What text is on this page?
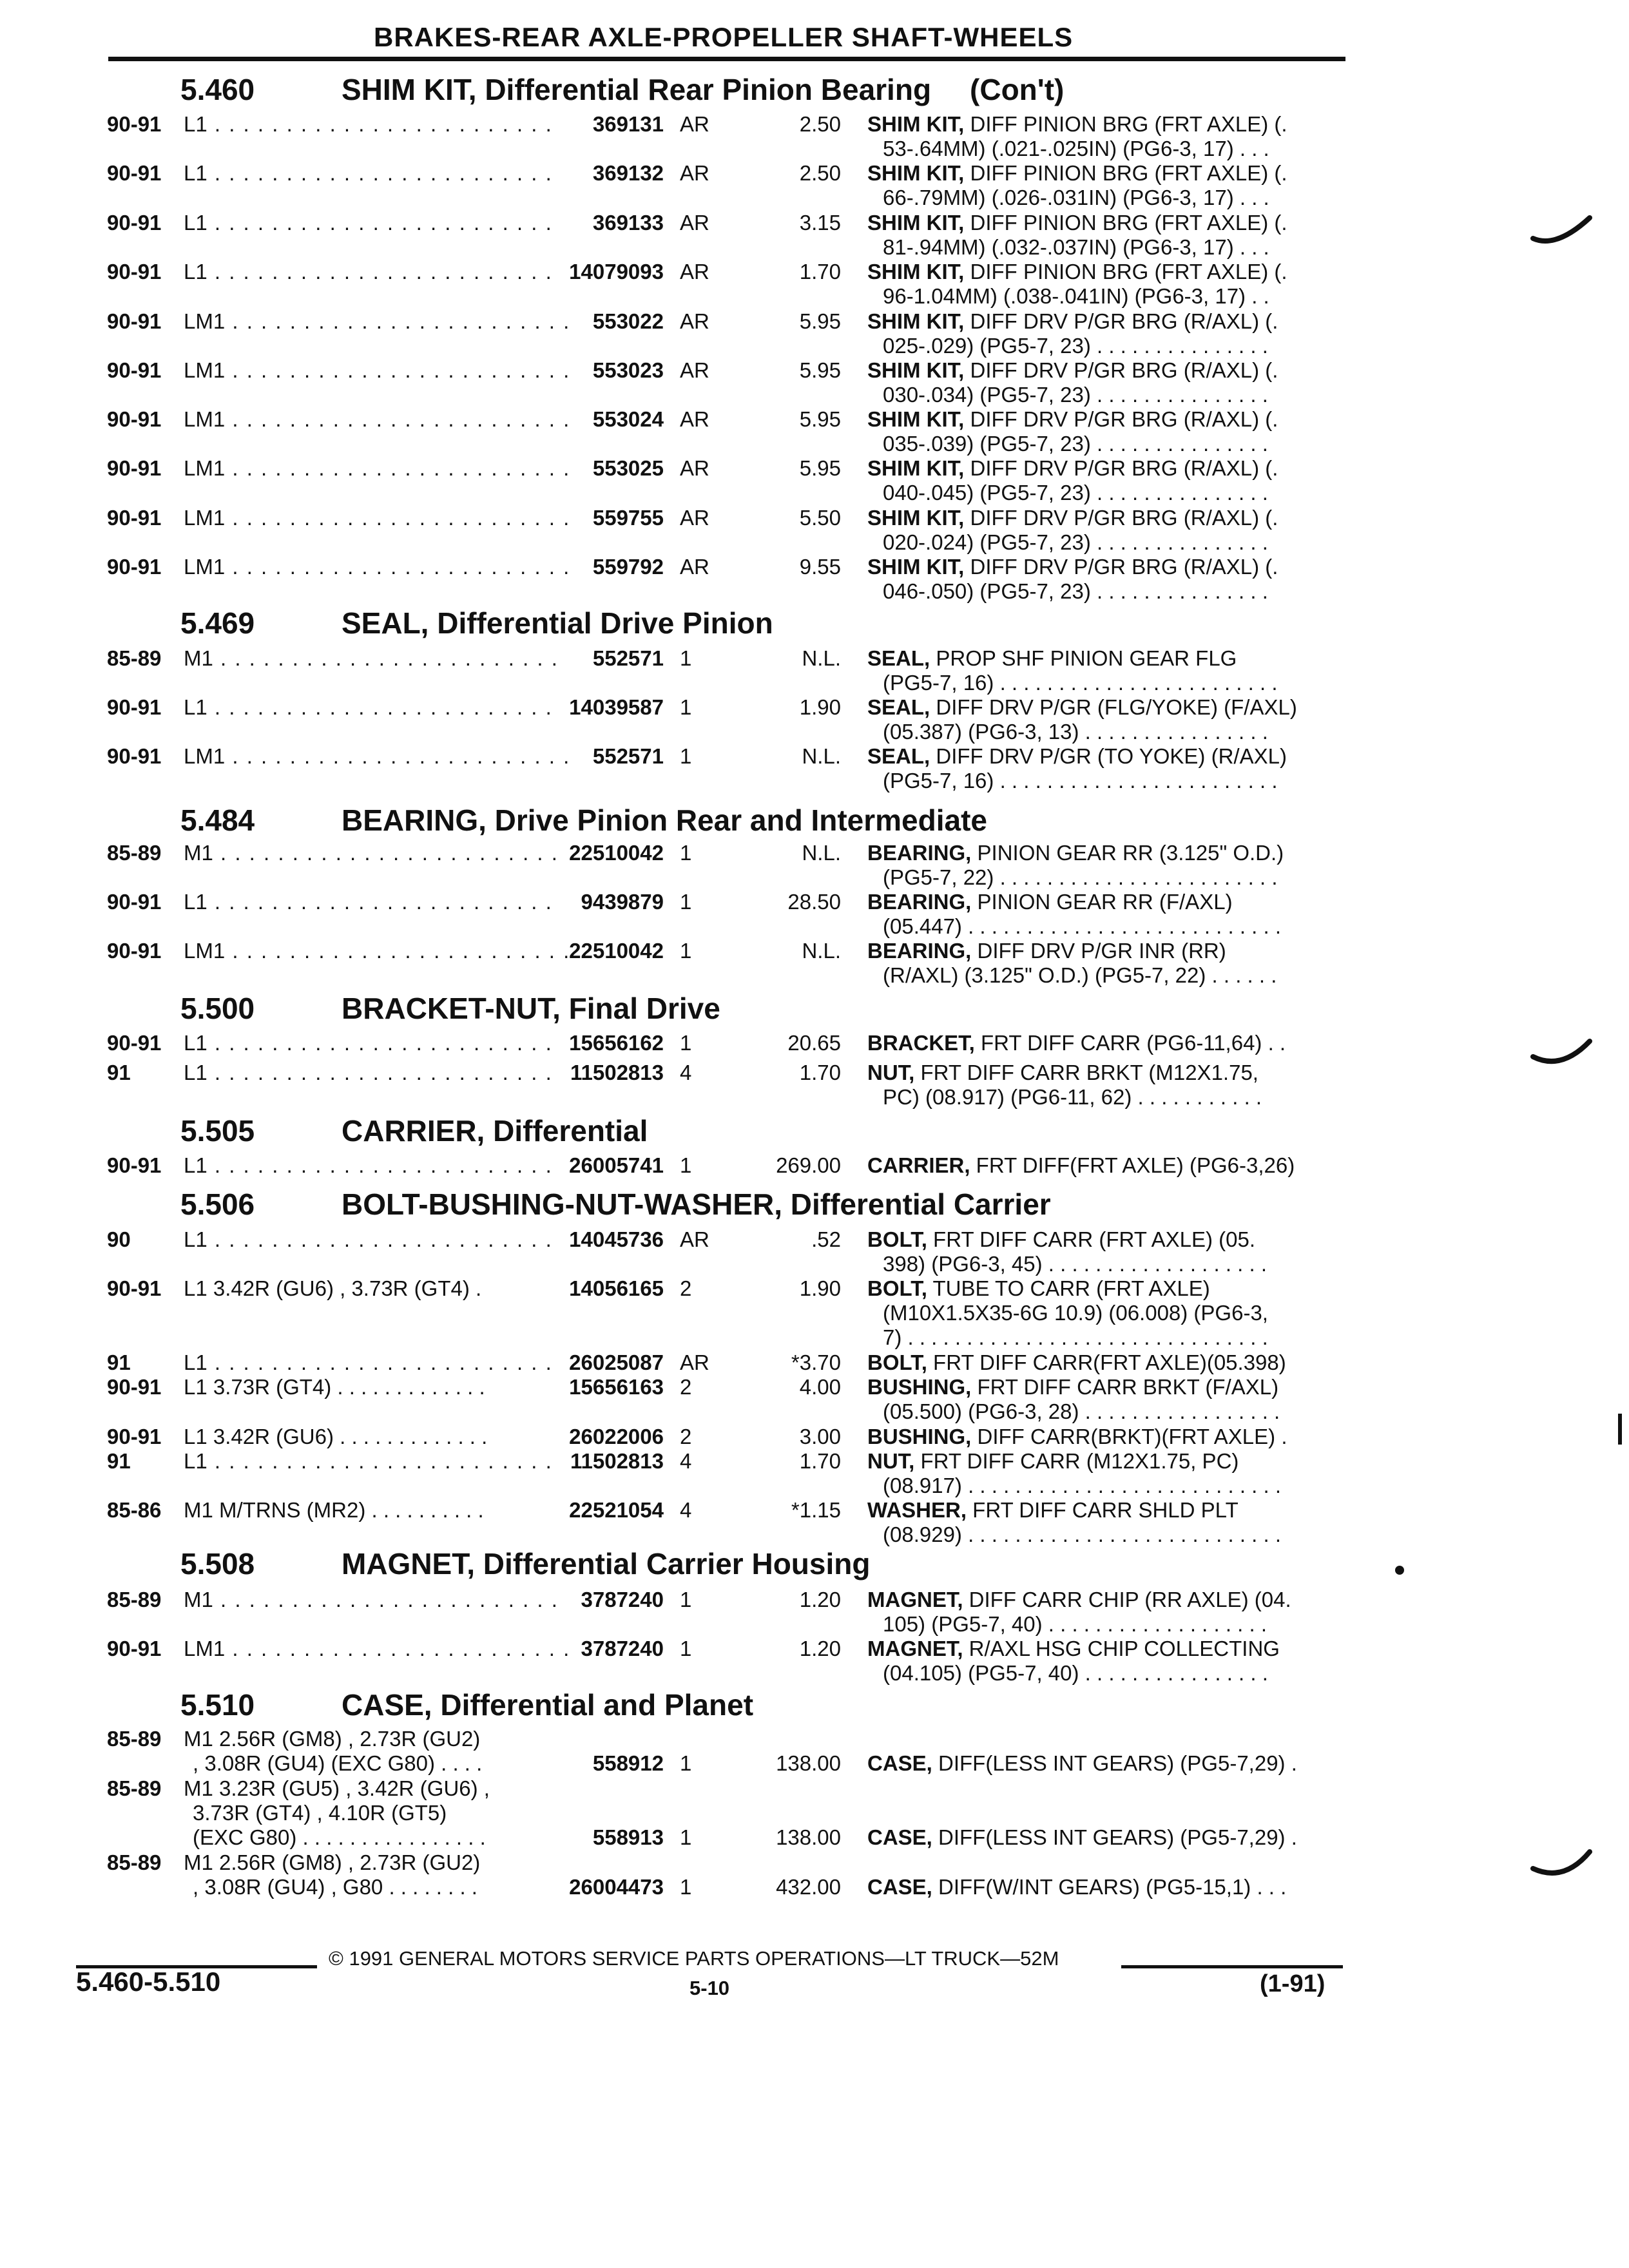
BRAKES-REAR AXLE-PROPELLER SHAFT-WHEELS
5.460	SHIM KIT, Differential Rear Pinion Bearing (Con't)
90-91 L1 . . . . . . . . . . . . . . . . . . . . . . . .	369131 AR	2.50 SHIM KIT, DIFF PINION BRG (FRT AXLE) (.
53-.64MM) (.021-.025IN) (PG6-3, 17) . . .
90-91 L1 . . . . . . . . . . . . . . . . . . . . . . . .	369132 AR	2.50 SHIM KIT, DIFF PINION BRG (FRT AXLE) (.
66-.79MM) (.026-.031IN) (PG6-3, 17) . . .
90-91 L1 . . . . . . . . . . . . . . . . . . . . . . . .	369133 AR	3.15 SHIM KIT, DIFF PINION BRG (FRT AXLE) (.
81-.94MM) (.032-.037IN) (PG6-3, 17) . . .
90-91 L1 . . . . . . . . . . . . . . . . . . . . . . . . 14079093 AR	1.70 SHIM KIT, DIFF PINION BRG (FRT AXLE) (.
96-1.04MM) (.038-.041IN) (PG6-3, 17) . .
90-91 LM1 . . . . . . . . . . . . . . . . . . . . . . . .	553022 AR	5.95 SHIM KIT, DIFF DRV P/GR BRG (R/AXL) (.
025-.029) (PG5-7, 23) . . . . . . . . . . . . . . .
90-91 LM1 . . . . . . . . . . . . . . . . . . . . . . . .	553023 AR	5.95 SHIM KIT, DIFF DRV P/GR BRG (R/AXL) (.
030-.034) (PG5-7, 23) . . . . . . . . . . . . . . .
90-91 LM1 . . . . . . . . . . . . . . . . . . . . . . . .	553024 AR	5.95 SHIM KIT, DIFF DRV P/GR BRG (R/AXL) (.
035-.039) (PG5-7, 23) . . . . . . . . . . . . . . .
90-91 LM1 . . . . . . . . . . . . . . . . . . . . . . . .	553025 AR	5.95 SHIM KIT, DIFF DRV P/GR BRG (R/AXL) (.
040-.045) (PG5-7, 23) . . . . . . . . . . . . . . .
90-91 LM1 . . . . . . . . . . . . . . . . . . . . . . . .	559755 AR	5.50 SHIM KIT, DIFF DRV P/GR BRG (R/AXL) (.
020-.024) (PG5-7, 23) . . . . . . . . . . . . . . .
90-91 LM1 . . . . . . . . . . . . . . . . . . . . . . . .	559792 AR	9.55 SHIM KIT, DIFF DRV P/GR BRG (R/AXL) (.
046-.050) (PG5-7, 23) . . . . . . . . . . . . . . .
5.469	SEAL, Differential Drive Pinion
85-89 M1 . . . . . . . . . . . . . . . . . . . . . . . .	552571 1	N.L. SEAL, PROP SHF PINION GEAR FLG
(PG5-7, 16) . . . . . . . . . . . . . . . . . . . . . . . .
90-91 L1 . . . . . . . . . . . . . . . . . . . . . . . . 14039587 1	1.90 SEAL, DIFF DRV P/GR (FLG/YOKE) (F/AXL)
(05.387) (PG6-3, 13) . . . . . . . . . . . . . . . .
90-91 LM1 . . . . . . . . . . . . . . . . . . . . . . . .	552571 1	N.L. SEAL, DIFF DRV P/GR (TO YOKE) (R/AXL)
(PG5-7, 16) . . . . . . . . . . . . . . . . . . . . . . . .
5.484	BEARING, Drive Pinion Rear and Intermediate
85-89 M1 . . . . . . . . . . . . . . . . . . . . . . . . 22510042 1	N.L. BEARING, PINION GEAR RR (3.125" O.D.)
(PG5-7, 22) . . . . . . . . . . . . . . . . . . . . . . . .
90-91 L1 . . . . . . . . . . . . . . . . . . . . . . . .	9439879 1	28.50 BEARING, PINION GEAR RR (F/AXL)
(05.447) . . . . . . . . . . . . . . . . . . . . . . . . . . .
90-91 LM1 . . . . . . . . . . . . . . . . . . . . . . . .
22510042 1	N.L. BEARING, DIFF DRV P/GR INR (RR)
(R/AXL) (3.125" O.D.) (PG5-7, 22) . . . . . .
5.500	BRACKET-NUT, Final Drive
90-91 L1 . . . . . . . . . . . . . . . . . . . . . . . . 15656162 1	20.65 BRACKET, FRT DIFF CARR (PG6-11,64) . .
91 L1 . . . . . . . . . . . . . . . . . . . . . . . . 11502813 4	1.70 NUT, FRT DIFF CARR BRKT (M12X1.75,
PC) (08.917) (PG6-11, 62) . . . . . . . . . . .
5.505	CARRIER, Differential
90-91 L1 . . . . . . . . . . . . . . . . . . . . . . . . 26005741 1	269.00 CARRIER, FRT DIFF(FRT AXLE) (PG6-3,26)
5.506	BOLT-BUSHING-NUT-WASHER, Differential Carrier
90 L1 . . . . . . . . . . . . . . . . . . . . . . . . 14045736 AR	.52 BOLT, FRT DIFF CARR (FRT AXLE) (05.
398) (PG6-3, 45) . . . . . . . . . . . . . . . . . . .
90-91 L1 3.42R (GU6) , 3.73R (GT4) .	14056165 2	1.90 BOLT, TUBE TO CARR (FRT AXLE)
(M10X1.5X35-6G 10.9) (06.008) (PG6-3,
7) . . . . . . . . . . . . . . . . . . . . . . . . . . . . . . .
91 L1 . . . . . . . . . . . . . . . . . . . . . . . . 26025087 AR	*3.70 BOLT, FRT DIFF CARR(FRT AXLE)(05.398)
90-91 L1 3.73R (GT4) . . . . . . . . . . . . .	15656163 2	4.00 BUSHING, FRT DIFF CARR BRKT (F/AXL)
(05.500) (PG6-3, 28) . . . . . . . . . . . . . . . . .
90-91 L1 3.42R (GU6) . . . . . . . . . . . . .	26022006 2	3.00 BUSHING, DIFF CARR(BRKT)(FRT AXLE) .
91 L1 . . . . . . . . . . . . . . . . . . . . . . . . 11502813 4	1.70 NUT, FRT DIFF CARR (M12X1.75, PC)
(08.917) . . . . . . . . . . . . . . . . . . . . . . . . . . .
85-86 M1 M/TRNS (MR2) . . . . . . . . . .	22521054 4	*1.15 WASHER, FRT DIFF CARR SHLD PLT
(08.929) . . . . . . . . . . . . . . . . . . . . . . . . . . .
5.508	MAGNET, Differential Carrier Housing
85-89 M1 . . . . . . . . . . . . . . . . . . . . . . . .	3787240 1	1.20 MAGNET, DIFF CARR CHIP (RR AXLE) (04.
105) (PG5-7, 40) . . . . . . . . . . . . . . . . . . .
90-91 LM1 . . . . . . . . . . . . . . . . . . . . . . . . 3787240 1	1.20 MAGNET, R/AXL HSG CHIP COLLECTING
(04.105) (PG5-7, 40) . . . . . . . . . . . . . . . .
5.510	CASE, Differential and Planet
85-89 M1 2.56R (GM8) , 2.73R (GU2)
, 3.08R (GU4) (EXC G80) . . . .	558912 1	138.00 CASE, DIFF(LESS INT GEARS) (PG5-7,29) .
85-89 M1 3.23R (GU5) , 3.42R (GU6) ,
3.73R (GT4) , 4.10R (GT5)
(EXC G80) . . . . . . . . . . . . . . . .	558913 1	138.00 CASE, DIFF(LESS INT GEARS) (PG5-7,29) .
85-89 M1 2.56R (GM8) , 2.73R (GU2)
, 3.08R (GU4) , G80 . . . . . . . .	26004473 1	432.00 CASE, DIFF(W/INT GEARS) (PG5-15,1) . . .
© 1991 GENERAL MOTORS SERVICE PARTS OPERATIONS—LT TRUCK—52M
5.460-5.510	5-10	(1-91)
